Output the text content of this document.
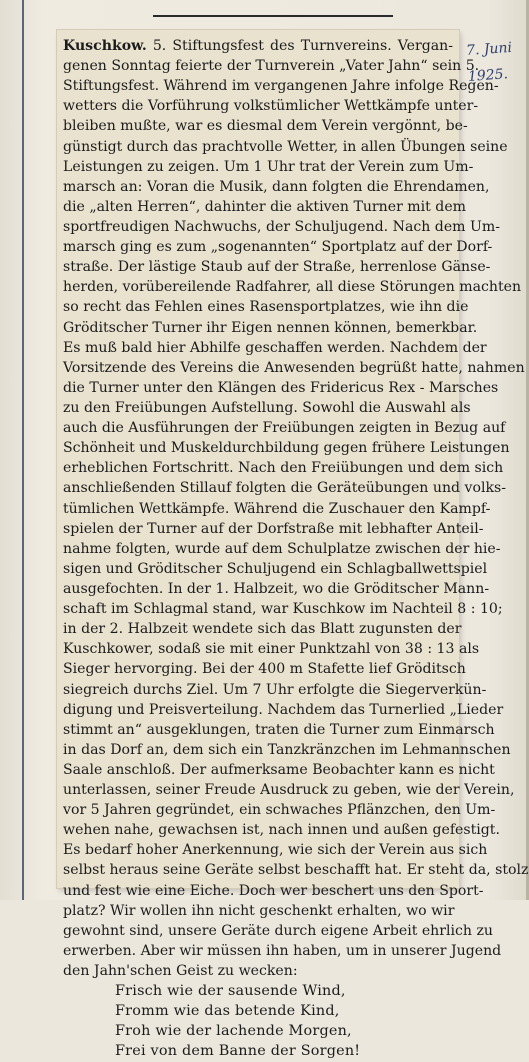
7. Juni
1925.
Kuschkow. 5. Stiftungsfest des Turnvereins. Vergan-
genen Sonntag feierte der Turnverein „Vater Jahn“ sein 5.
Stiftungsfest. Während im vergangenen Jahre infolge Regen-
wetters die Vorführung volkstümlicher Wettkämpfe unter-
bleiben mußte, war es diesmal dem Verein vergönnt, be-
günstigt durch das prachtvolle Wetter, in allen Übungen seine
Leistungen zu zeigen. Um 1 Uhr trat der Verein zum Um-
marsch an: Voran die Musik, dann folgten die Ehrendamen,
die „alten Herren“, dahinter die aktiven Turner mit dem
sportfreudigen Nachwuchs, der Schuljugend. Nach dem Um-
marsch ging es zum „sogenannten“ Sportplatz auf der Dorf-
straße. Der lästige Staub auf der Straße, herrenlose Gänse-
herden, vorübereilende Radfahrer, all diese Störungen machten
so recht das Fehlen eines Rasensportplatzes, wie ihn die
Gröditscher Turner ihr Eigen nennen können, bemerkbar.
Es muß bald hier Abhilfe geschaffen werden. Nachdem der
Vorsitzende des Vereins die Anwesenden begrüßt hatte, nahmen
die Turner unter den Klängen des Fridericus Rex - Marsches
zu den Freiübungen Aufstellung. Sowohl die Auswahl als
auch die Ausführungen der Freiübungen zeigten in Bezug auf
Schönheit und Muskeldurchbildung gegen frühere Leistungen
erheblichen Fortschritt. Nach den Freiübungen und dem sich
anschließenden Stillauf folgten die Geräteübungen und volks-
tümlichen Wettkämpfe. Während die Zuschauer den Kampf-
spielen der Turner auf der Dorfstraße mit lebhafter Anteil-
nahme folgten, wurde auf dem Schulplatze zwischen der hie-
sigen und Gröditscher Schuljugend ein Schlagballwettspiel
ausgefochten. In der 1. Halbzeit, wo die Gröditscher Mann-
schaft im Schlagmal stand, war Kuschkow im Nachteil 8 : 10;
in der 2. Halbzeit wendete sich das Blatt zugunsten der
Kuschkower, sodaß sie mit einer Punktzahl von 38 : 13 als
Sieger hervorging. Bei der 400 m Stafette lief Gröditsch
siegreich durchs Ziel. Um 7 Uhr erfolgte die Siegerverkün-
digung und Preisverteilung. Nachdem das Turnerlied „Lieder
stimmt an“ ausgeklungen, traten die Turner zum Einmarsch
in das Dorf an, dem sich ein Tanzkränzchen im Lehmannschen
Saale anschloß. Der aufmerksame Beobachter kann es nicht
unterlassen, seiner Freude Ausdruck zu geben, wie der Verein,
vor 5 Jahren gegründet, ein schwaches Pflänzchen, den Um-
wehen nahe, gewachsen ist, nach innen und außen gefestigt.
Es bedarf hoher Anerkennung, wie sich der Verein aus sich
selbst heraus seine Geräte selbst beschafft hat. Er steht da, stolz
und fest wie eine Eiche. Doch wer beschert uns den Sport-
platz? Wir wollen ihn nicht geschenkt erhalten, wo wir
gewohnt sind, unsere Geräte durch eigene Arbeit ehrlich zu
erwerben. Aber wir müssen ihn haben, um in unserer Jugend
den Jahn'schen Geist zu wecken:
Frisch wie der sausende Wind,
Fromm wie das betende Kind,
Froh wie der lachende Morgen,
Frei von dem Banne der Sorgen!
